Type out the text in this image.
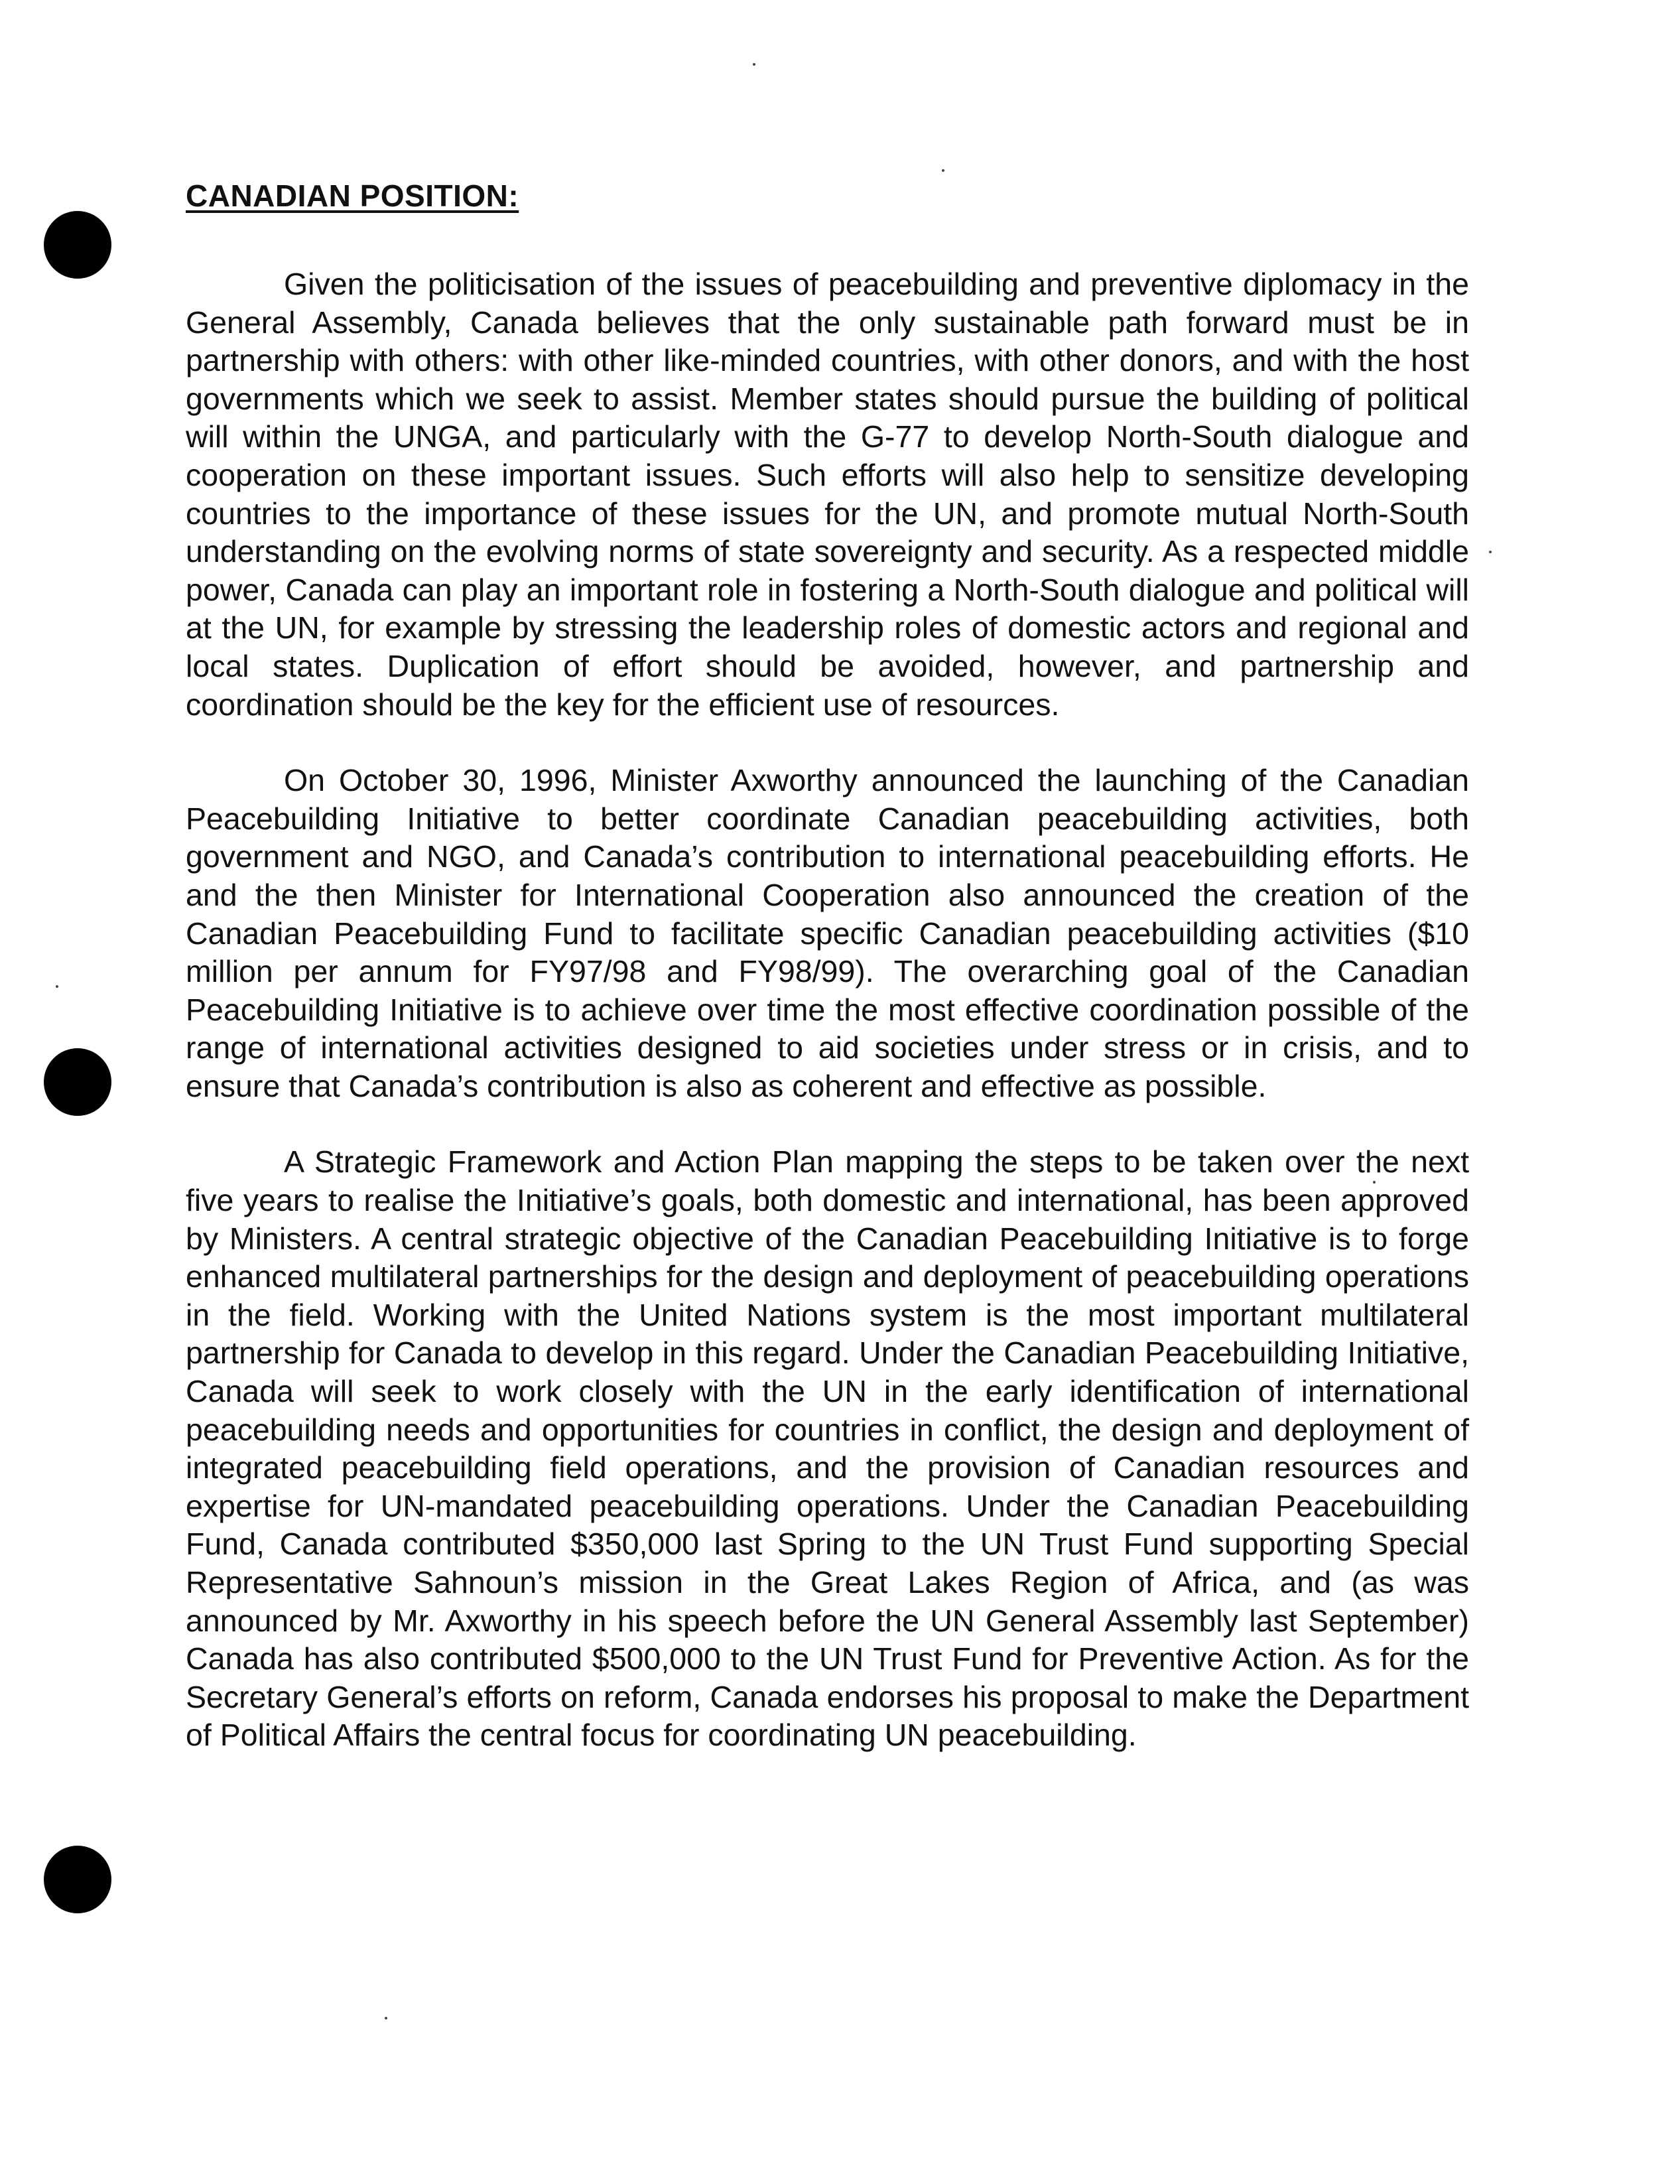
CANADIAN POSITION:

Given the politicisation of the issues of peacebuilding and preventive diplomacy in the General Assembly, Canada believes that the only sustainable path forward must be in partnership with others: with other like-minded countries, with other donors, and with the host governments which we seek to assist. Member states should pursue the building of political will within the UNGA, and particularly with the G-77 to develop North-South dialogue and cooperation on these important issues. Such efforts will also help to sensitize developing countries to the importance of these issues for the UN, and promote mutual North-South understanding on the evolving norms of state sovereignty and security. As a respected middle power, Canada can play an important role in fostering a North-South dialogue and political will at the UN, for example by stressing the leadership roles of domestic actors and regional and local states. Duplication of effort should be avoided, however, and partnership and coordination should be the key for the efficient use of resources.

On October 30, 1996, Minister Axworthy announced the launching of the Canadian Peacebuilding Initiative to better coordinate Canadian peacebuilding activities, both government and NGO, and Canada’s contribution to international peacebuilding efforts. He and the then Minister for International Cooperation also announced the creation of the Canadian Peacebuilding Fund to facilitate specific Canadian peacebuilding activities ($10 million per annum for FY97/98 and FY98/99). The overarching goal of the Canadian Peacebuilding Initiative is to achieve over time the most effective coordination possible of the range of international activities designed to aid societies under stress or in crisis, and to ensure that Canada’s contribution is also as coherent and effective as possible.

A Strategic Framework and Action Plan mapping the steps to be taken over the next five years to realise the Initiative’s goals, both domestic and international, has been approved by Ministers. A central strategic objective of the Canadian Peacebuilding Initiative is to forge enhanced multilateral partnerships for the design and deployment of peacebuilding operations in the field. Working with the United Nations system is the most important multilateral partnership for Canada to develop in this regard. Under the Canadian Peacebuilding Initiative, Canada will seek to work closely with the UN in the early identification of international peacebuilding needs and opportunities for countries in conflict, the design and deployment of integrated peacebuilding field operations, and the provision of Canadian resources and expertise for UN-mandated peacebuilding operations. Under the Canadian Peacebuilding Fund, Canada contributed $350,000 last Spring to the UN Trust Fund supporting Special Representative Sahnoun’s mission in the Great Lakes Region of Africa, and (as was announced by Mr. Axworthy in his speech before the UN General Assembly last September) Canada has also contributed $500,000 to the UN Trust Fund for Preventive Action. As for the Secretary General’s efforts on reform, Canada endorses his proposal to make the Department of Political Affairs the central focus for coordinating UN peacebuilding.
